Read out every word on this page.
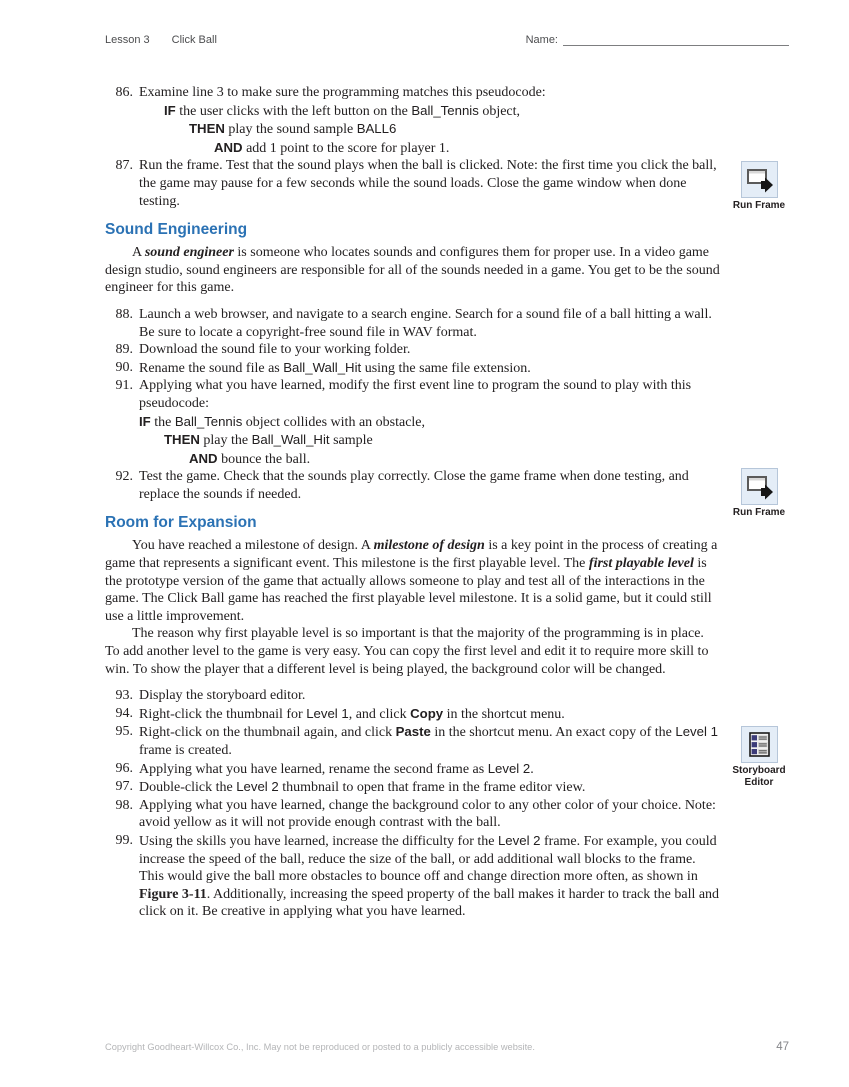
Lesson 3 Click Ball	Name:
86. Examine line 3 to make sure the programming matches this pseudocode:
IF the user clicks with the left button on the Ball_Tennis object,
THEN play the sound sample BALL6
AND add 1 point to the score for player 1.
87. Run the frame. Test that the sound plays when the ball is clicked. Note: the first time you click the ball, the game may pause for a few seconds while the sound loads. Close the game window when done testing.
Sound Engineering
A sound engineer is someone who locates sounds and configures them for proper use. In a video game design studio, sound engineers are responsible for all of the sounds needed in a game. You get to be the sound engineer for this game.
88. Launch a web browser, and navigate to a search engine. Search for a sound file of a ball hitting a wall. Be sure to locate a copyright-free sound file in WAV format.
89. Download the sound file to your working folder.
90. Rename the sound file as Ball_Wall_Hit using the same file extension.
91. Applying what you have learned, modify the first event line to program the sound to play with this pseudocode:
IF the Ball_Tennis object collides with an obstacle,
THEN play the Ball_Wall_Hit sample
AND bounce the ball.
92. Test the game. Check that the sounds play correctly. Close the game frame when done testing, and replace the sounds if needed.
Room for Expansion
You have reached a milestone of design. A milestone of design is a key point in the process of creating a game that represents a significant event. This milestone is the first playable level. The first playable level is the prototype version of the game that actually allows someone to play and test all of the interactions in the game. The Click Ball game has reached the first playable level milestone. It is a solid game, but it could still use a little improvement.
The reason why first playable level is so important is that the majority of the programming is in place. To add another level to the game is very easy. You can copy the first level and edit it to require more skill to win. To show the player that a different level is being played, the background color will be changed.
93. Display the storyboard editor.
94. Right-click the thumbnail for Level 1, and click Copy in the shortcut menu.
95. Right-click on the thumbnail again, and click Paste in the shortcut menu. An exact copy of the Level 1 frame is created.
96. Applying what you have learned, rename the second frame as Level 2.
97. Double-click the Level 2 thumbnail to open that frame in the frame editor view.
98. Applying what you have learned, change the background color to any other color of your choice. Note: avoid yellow as it will not provide enough contrast with the ball.
99. Using the skills you have learned, increase the difficulty for the Level 2 frame. For example, you could increase the speed of the ball, reduce the size of the ball, or add additional wall blocks to the frame. This would give the ball more obstacles to bounce off and change direction more often, as shown in Figure 3-11. Additionally, increasing the speed property of the ball makes it harder to track the ball and click on it. Be creative in applying what you have learned.
Run Frame
Run Frame
Storyboard Editor
Copyright Goodheart-Willcox Co., Inc. May not be reproduced or posted to a publicly accessible website.	47
